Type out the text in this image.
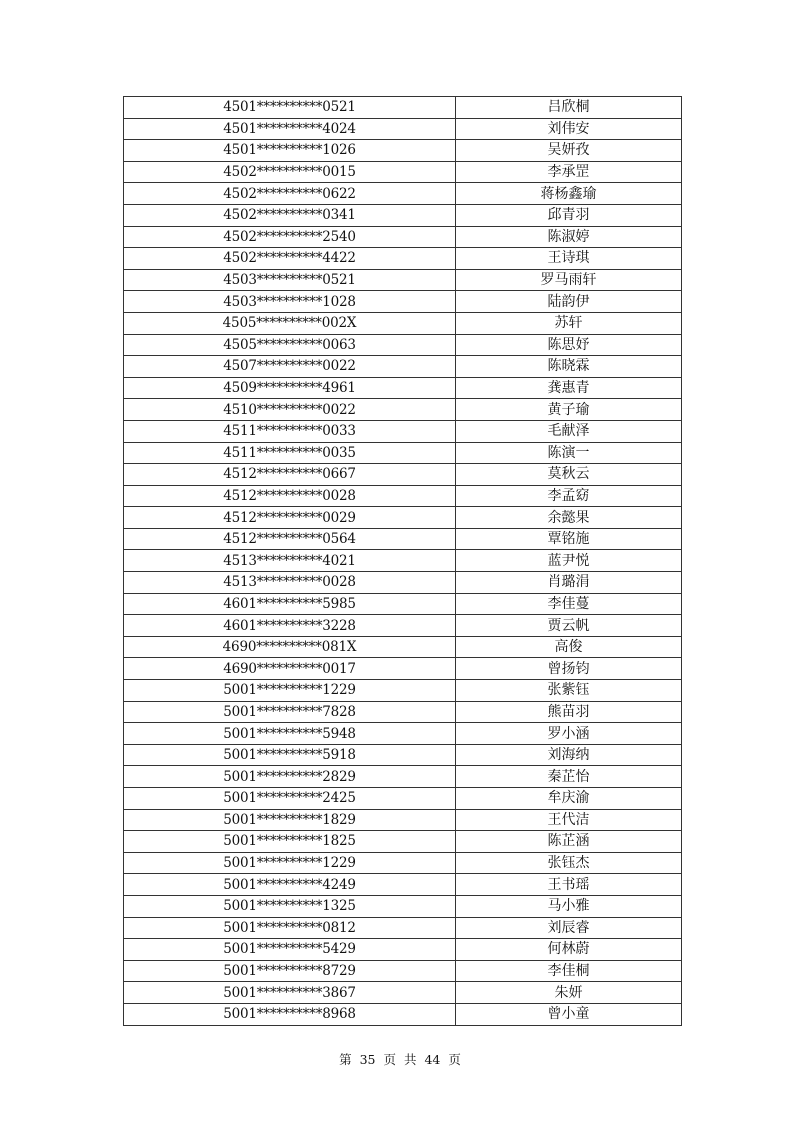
4501**********0521	吕欣桐
4501**********4024	刘伟安
4501**********1026	吴妍孜
4502**********0015	李承罡
4502**********0622	蒋杨鑫瑜
4502**********0341	邱青羽
4502**********2540	陈淑婷
4502**********4422	王诗琪
4503**********0521	罗马雨轩
4503**********1028	陆韵伊
4505**********002X	苏轩
4505**********0063	陈思妤
4507**********0022	陈晓霖
4509**********4961	龚惠青
4510**********0022	黄子瑜
4511**********0033	毛献泽
4511**********0035	陈演一
4512**********0667	莫秋云
4512**********0028	李孟窈
4512**********0029	余懿果
4512**********0564	覃铭施
4513**********4021	蓝尹悦
4513**********0028	肖璐涓
4601**********5985	李佳蔓
4601**********3228	贾云帆
4690**********081X	高俊
4690**********0017	曾扬钧
5001**********1229	张紫钰
5001**********7828	熊苗羽
5001**********5948	罗小涵
5001**********5918	刘海纳
5001**********2829	秦芷怡
5001**********2425	牟庆渝
5001**********1829	王代洁
5001**********1825	陈芷涵
5001**********1229	张钰杰
5001**********4249	王书瑶
5001**********1325	马小雅
5001**********0812	刘辰睿
5001**********5429	何林蔚
5001**********8729	李佳桐
5001**********3867	朱妍
5001**********8968	曾小童
第 35 页 共 44 页
